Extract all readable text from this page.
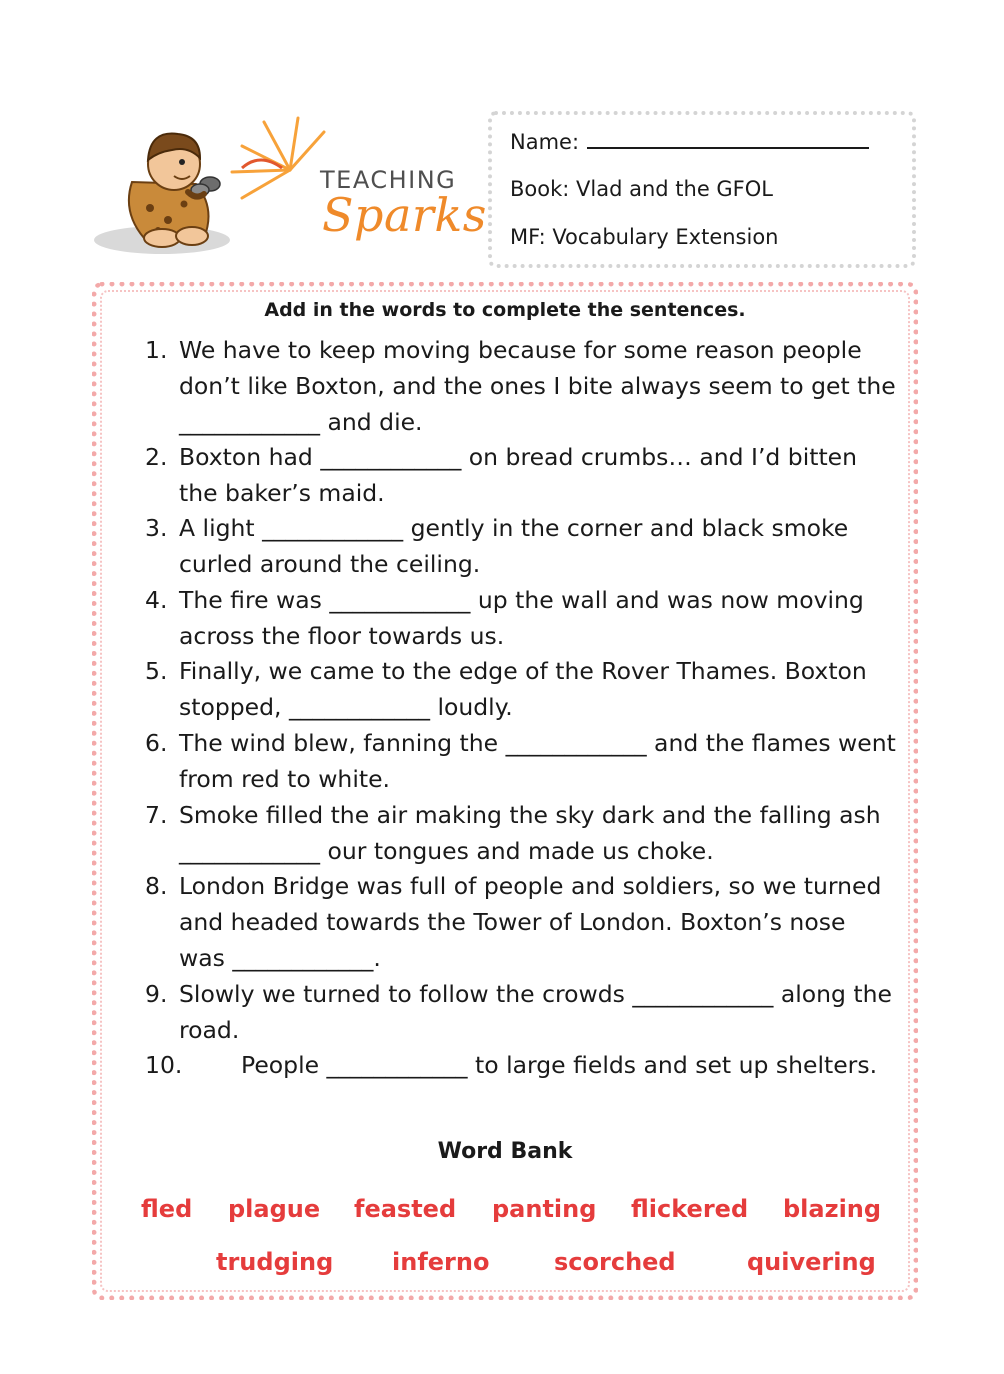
TEACHING
Sparks
Name:
Book: Vlad and the GFOL
MF: Vocabulary Extension
Add in the words to complete the sentences.
1. We have to keep moving because for some reason people don’t like Boxton, and the ones I bite always seem to get the ____________ and die.
2. Boxton had ____________ on bread crumbs… and I’d bitten the baker’s maid.
3. A light ____________ gently in the corner and black smoke curled around the ceiling.
4. The fire was ____________ up the wall and was now moving across the floor towards us.
5. Finally, we came to the edge of the Rover Thames. Boxton stopped, ____________ loudly.
6. The wind blew, fanning the ____________ and the flames went from red to white.
7. Smoke filled the air making the sky dark and the falling ash ____________ our tongues and made us choke.
8. London Bridge was full of people and soldiers, so we turned and headed towards the Tower of London. Boxton’s nose was ____________.
9. Slowly we turned to follow the crowds ____________ along the road.
10.	People ____________ to large fields and set up shelters.
Word Bank
fled plague feasted panting flickered blazing
trudging inferno	scorched	quivering
